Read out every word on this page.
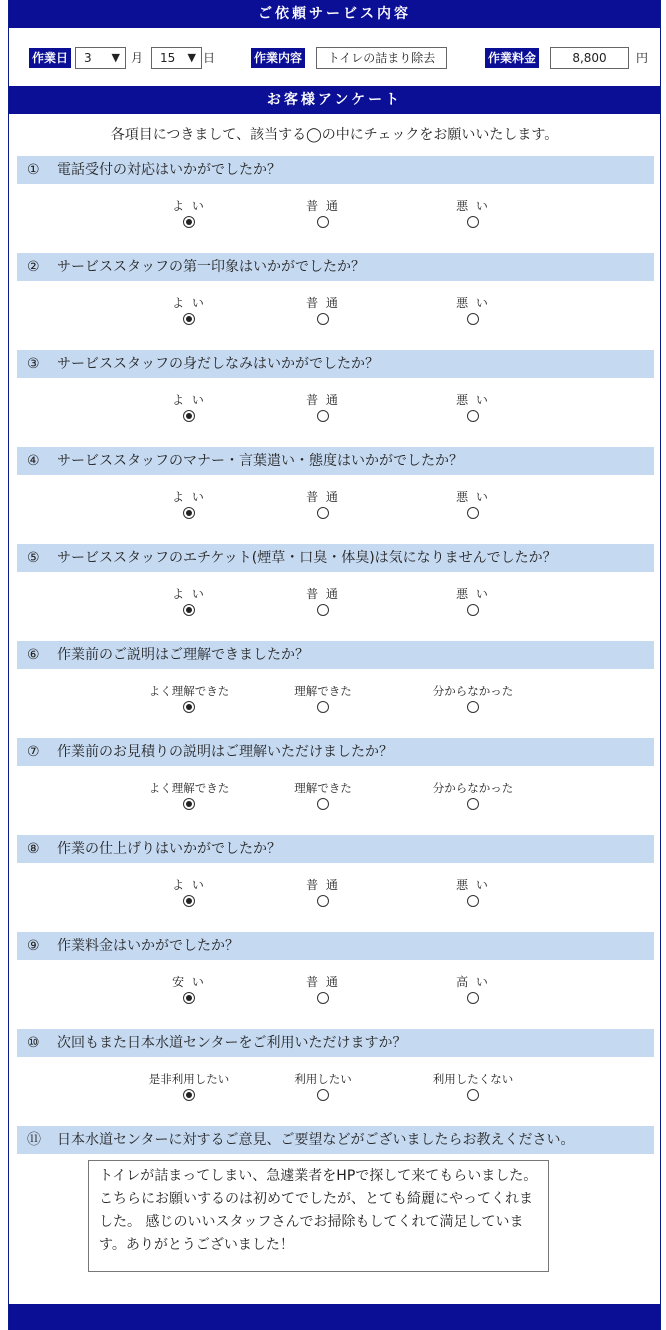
ご依頼サービス内容
作業日	3 ▼ 月	15 ▼ 日	作業内容	トイレの詰まり除去	作業料金	8,800	円
お客様アンケート
各項目につきまして、該当する◯の中にチェックをお願いいたします。
① 電話受付の対応はいかがでしたか？
よ い	普 通	悪 い
② サービススタッフの第一印象はいかがでしたか？
よ い	普 通	悪 い
③ サービススタッフの身だしなみはいかがでしたか？
よ い	普 通	悪 い
④ サービススタッフのマナー・言葉遣い・態度はいかがでしたか？
よ い	普 通	悪 い
⑤ サービススタッフのエチケット(煙草・口臭・体臭)は気になりませんでしたか？
よ い	普 通	悪 い
⑥ 作業前のご説明はご理解できましたか？
よく理解できた	理解できた	分からなかった
⑦ 作業前のお見積りの説明はご理解いただけましたか？
よく理解できた	理解できた	分からなかった
⑧ 作業の仕上げりはいかがでしたか？
よ い	普 通	悪 い
⑨ 作業料金はいかがでしたか？
安 い	普 通	高 い
⑩ 次回もまた日本水道センターをご利用いただけますか？
是非利用したい	利用したい	利用したくない
⑪ 日本水道センターに対するご意見、ご要望などがございましたらお教えください。
トイレが詰まってしまい、急遽業者をHPで探して来てもらいました。こちらにお願いするのは初めてでしたが、とても綺麗にやってくれました。 感じのいいスタッフさんでお掃除もしてくれて満足しています。ありがとうございました！
